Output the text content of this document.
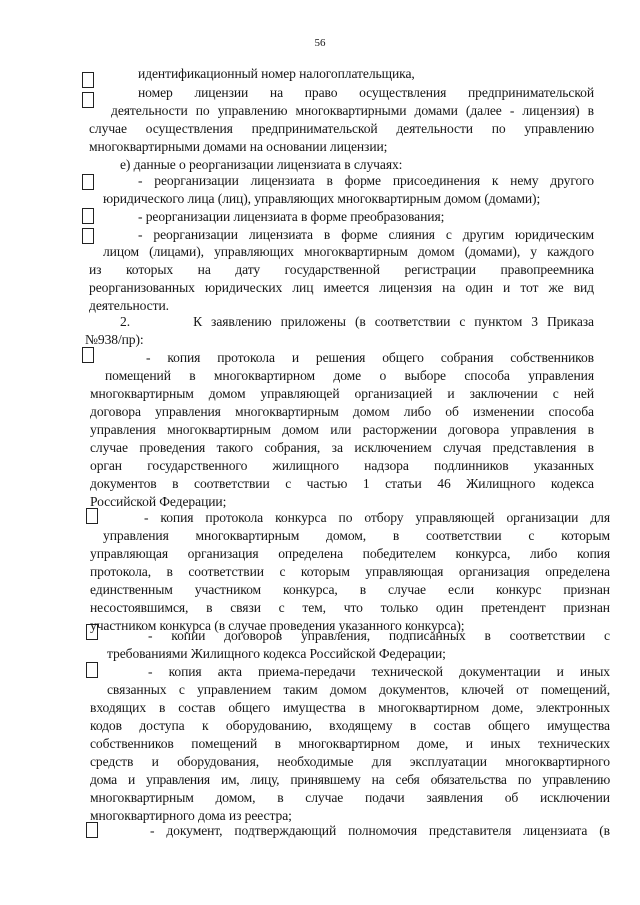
56
идентификационный номер налогоплательщика,
номер лицензии на право осуществления предпринимательской
деятельности по управлению многоквартирными домами (далее - лицензия) в
случае осуществления предпринимательской деятельности по управлению
многоквартирными домами на основании лицензии;
е) данные о реорганизации лицензиата в случаях:
- реорганизации лицензиата в форме присоединения к нему другого
юридического лица (лиц), управляющих многоквартирным домом (домами);
- реорганизации лицензиата в форме преобразования;
- реорганизации лицензиата в форме слияния с другим юридическим
лицом (лицами), управляющих многоквартирным домом (домами), у каждого
из которых на дату государственной регистрации правопреемника
реорганизованных юридических лиц имеется лицензия на один и тот же вид
деятельности.
2.       К заявлению приложены (в соответствии с пунктом 3 Приказа
№938/пр):
- копия протокола и решения общего собрания собственников
помещений в многоквартирном доме о выборе способа управления
многоквартирным домом управляющей организацией и заключении с ней
договора управления многоквартирным домом либо об изменении способа
управления многоквартирным домом или расторжении договора управления в
случае проведения такого собрания, за исключением случая представления в
орган государственного жилищного надзора подлинников указанных
документов в соответствии с частью 1 статьи 46 Жилищного кодекса
Российской Федерации;
- копия протокола конкурса по отбору управляющей организации для
управления многоквартирным домом, в соответствии с которым
управляющая организация определена победителем конкурса, либо копия
протокола, в соответствии с которым управляющая организация определена
единственным участником конкурса, в случае если конкурс признан
несостоявшимся, в связи с тем, что только один претендент признан
участником конкурса (в случае проведения указанного конкурса);
- копии договоров управления, подписанных в соответствии с
требованиями Жилищного кодекса Российской Федерации;
- копия акта приема-передачи технической документации и иных
связанных с управлением таким домом документов, ключей от помещений,
входящих в состав общего имущества в многоквартирном доме, электронных
кодов доступа к оборудованию, входящему в состав общего имущества
собственников помещений в многоквартирном доме, и иных технических
средств и оборудования, необходимые для эксплуатации многоквартирного
дома и управления им, лицу, принявшему на себя обязательства по управлению
многоквартирным домом, в случае подачи заявления об исключении
многоквартирного дома из реестра;
- документ, подтверждающий полномочия представителя лицензиата (в
